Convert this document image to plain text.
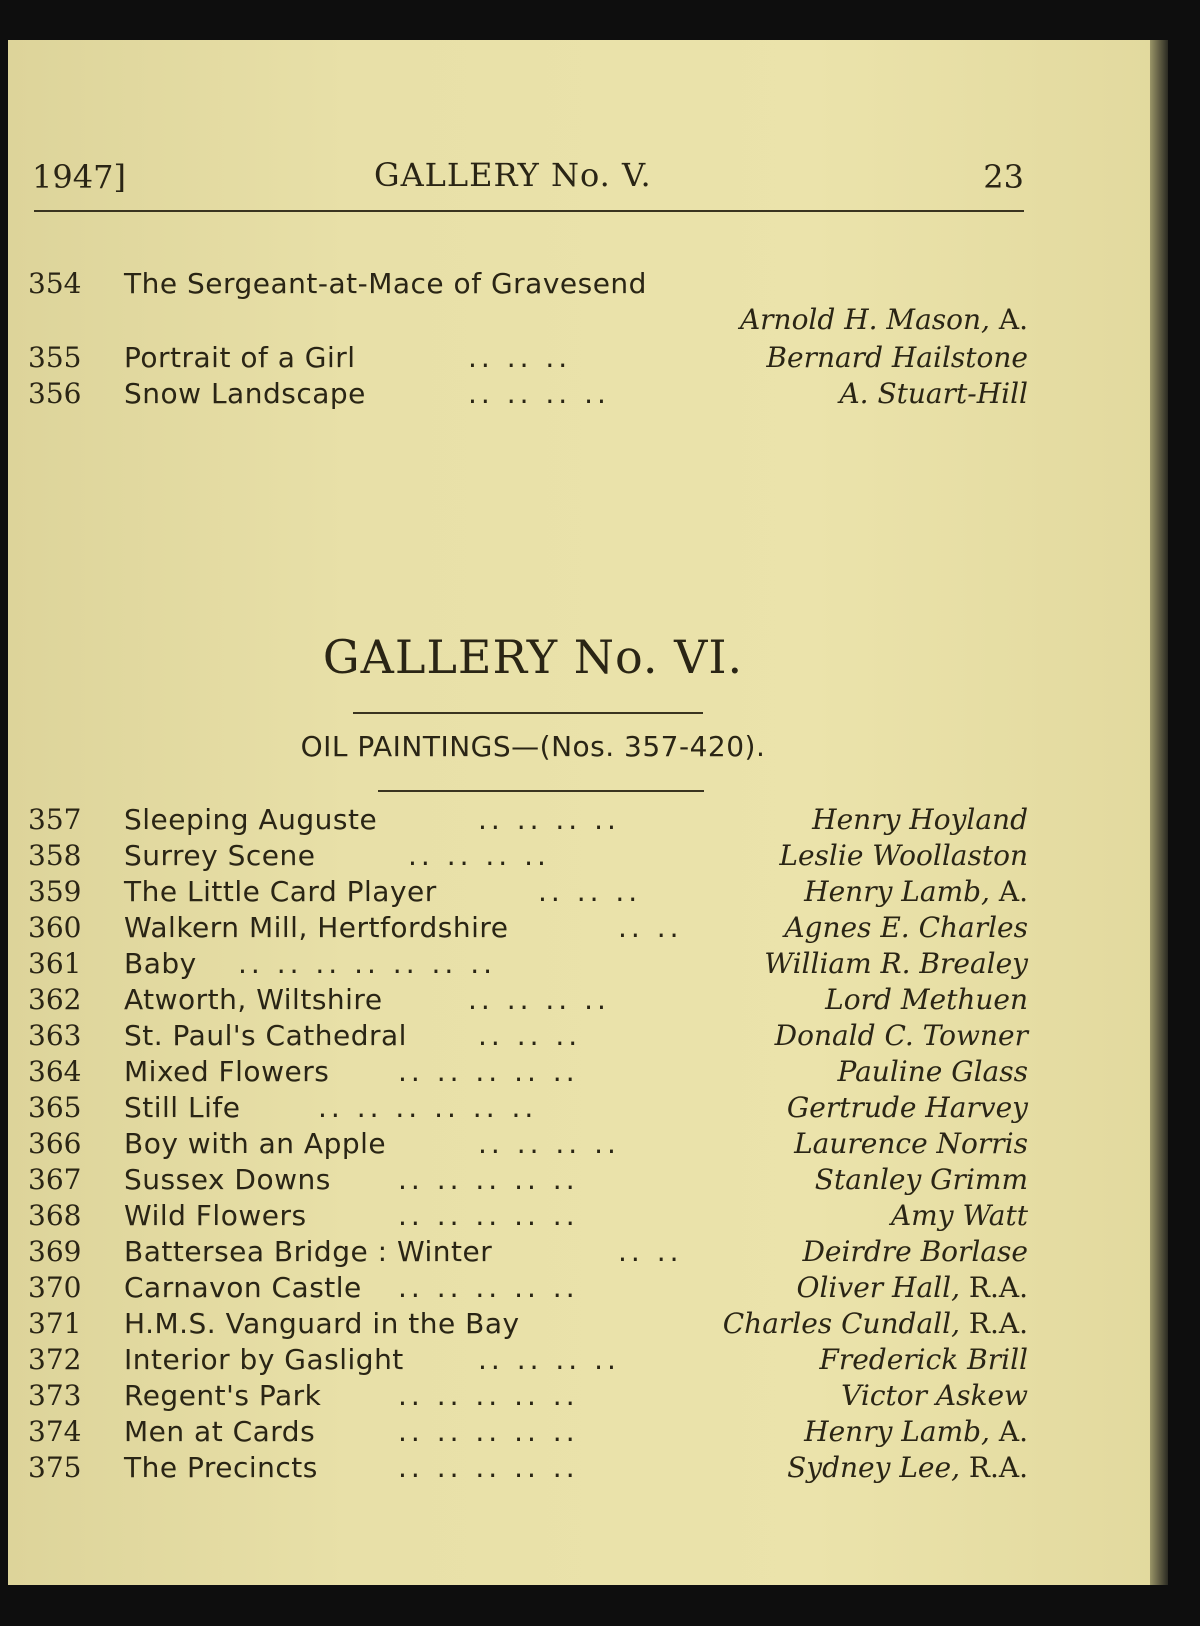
1947]	GALLERY No. V.	23
354	The Sergeant-at-Mace of Gravesend
Arnold H. Mason, A.
355	Portrait of a Girl	.. .. ..	Bernard Hailstone
356	Snow Landscape	.. .. .. ..	A. Stuart-Hill
GALLERY No. VI.
OIL PAINTINGS—(Nos. 357-420).
357	Sleeping Auguste	.. .. .. ..	Henry Hoyland
358	Surrey Scene	.. .. .. ..	Leslie Woollaston
359	The Little Card Player	.. .. ..	Henry Lamb, A.
360	Walkern Mill, Hertfordshire	.. ..	Agnes E. Charles
361	Baby .. .. .. .. .. .. ..	William R. Brealey
362	Atworth, Wiltshire	.. .. .. ..	Lord Methuen
363	St. Paul's Cathedral	.. .. ..	Donald C. Towner
364	Mixed Flowers .. .. .. .. ..	Pauline Glass
365	Still Life	.. .. .. .. .. ..	Gertrude Harvey
366	Boy with an Apple	.. .. .. ..	Laurence Norris
367	Sussex Downs .. .. .. .. ..	Stanley Grimm
368	Wild Flowers	.. .. .. .. ..	Amy Watt
369	Battersea Bridge : Winter	.. ..	Deirdre Borlase
370	Carnavon Castle .. .. .. .. ..	Oliver Hall, R.A.
371	H.M.S. Vanguard in the Bay	Charles Cundall, R.A.
372	Interior by Gaslight	.. .. .. ..	Frederick Brill
373	Regent's Park	.. .. .. .. ..	Victor Askew
374	Men at Cards	.. .. .. .. ..	Henry Lamb, A.
375	The Precincts	.. .. .. .. ..	Sydney Lee, R.A.
